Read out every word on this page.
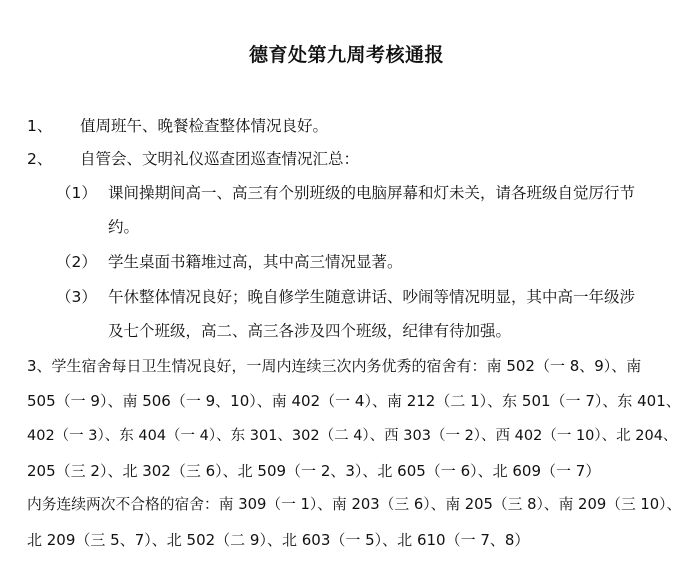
德育处第九周考核通报
1、 值周班午、晚餐检查整体情况良好。
2、 自管会、文明礼仪巡查团巡查情况汇总：
（1） 课间操期间高一、高三有个别班级的电脑屏幕和灯未关，请各班级自觉厉行节
约。
（2） 学生桌面书籍堆过高，其中高三情况显著。
（3） 午休整体情况良好；晚自修学生随意讲话、吵闹等情况明显，其中高一年级涉
及七个班级，高二、高三各涉及四个班级，纪律有待加强。
3、学生宿舍每日卫生情况良好，一周内连续三次内务优秀的宿舍有：南 502（一 8、9）、南
505（一 9）、南 506（一 9、10）、南 402（一 4）、南 212（二 1）、东 501（一 7）、东 401、
402（一 3）、东 404（一 4）、东 301、302（二 4）、西 303（一 2）、西 402（一 10）、北 204、
205（三 2）、北 302（三 6）、北 509（一 2、3）、北 605（一 6）、北 609（一 7）
内务连续两次不合格的宿舍：南 309（一 1）、南 203（三 6）、南 205（三 8）、南 209（三 10）、
北 209（三 5、7）、北 502（二 9）、北 603（一 5）、北 610（一 7、8）
